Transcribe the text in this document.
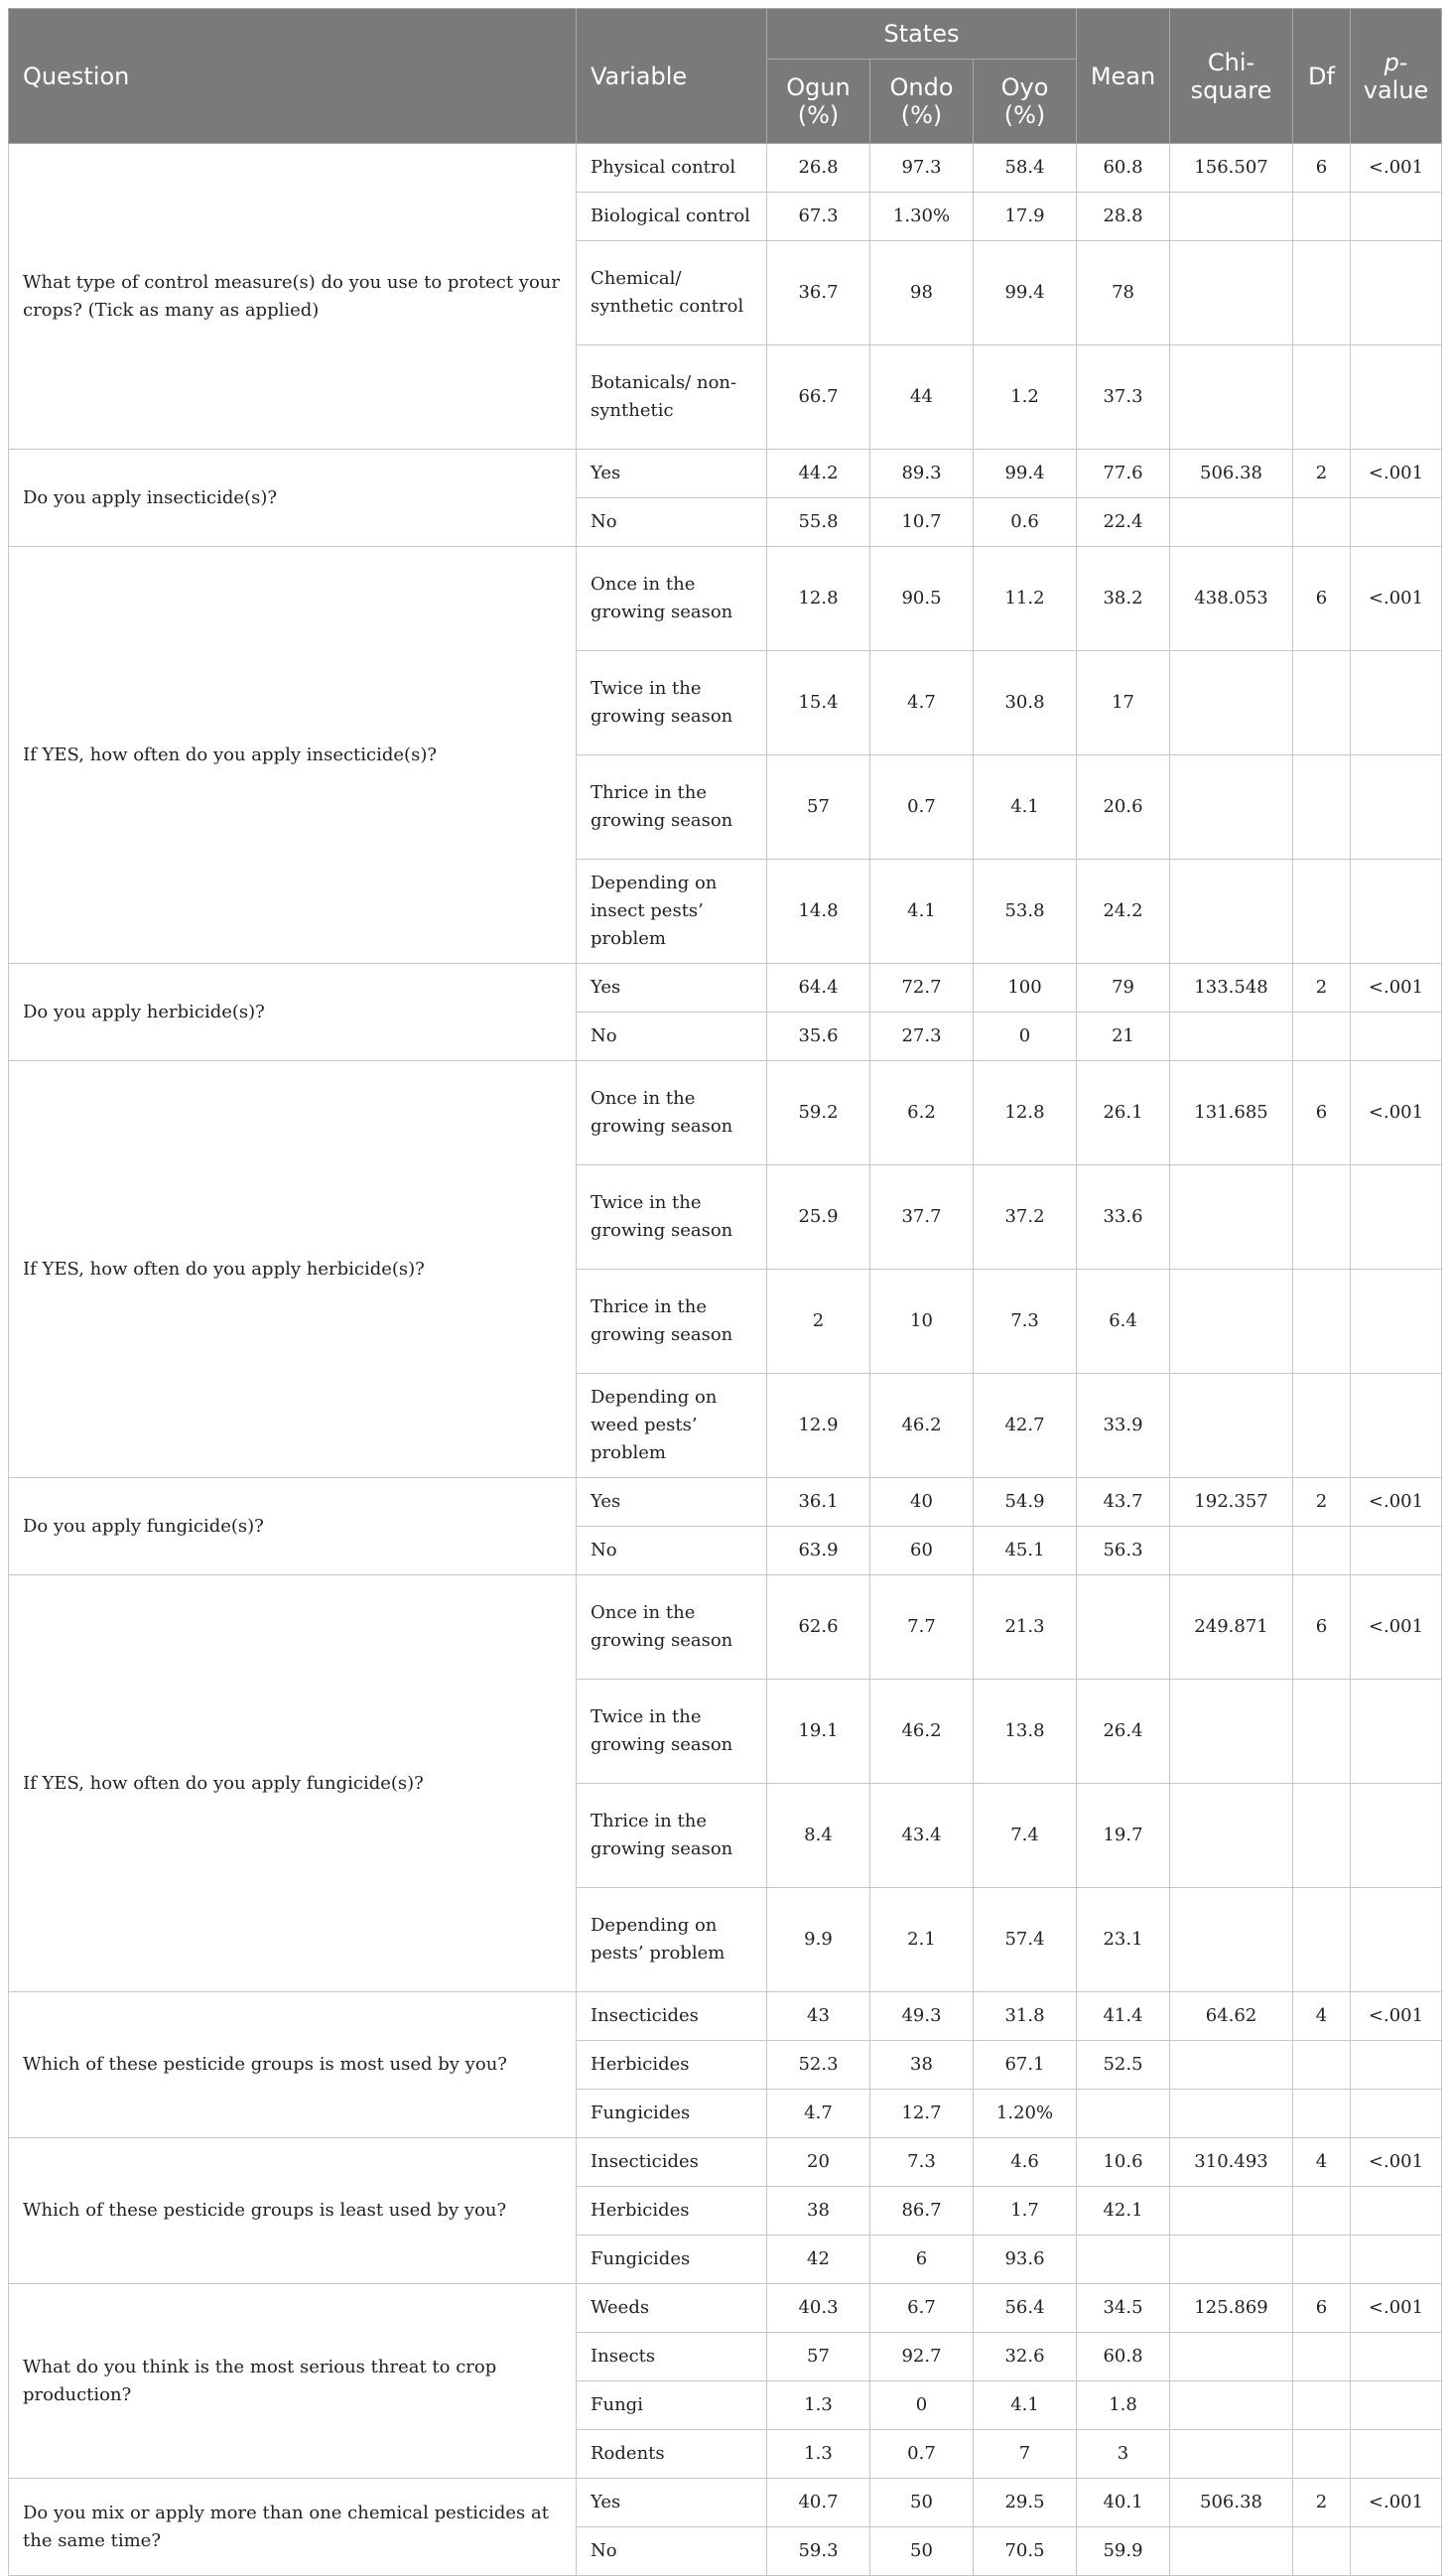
Question	Variable	States			Mean	Chi-square	Df	p-value
		Ogun (%)	Ondo (%)	Oyo (%)				
What type of control measure(s) do you use to protect your crops? (Tick as many as applied)	Physical control	26.8	97.3	58.4	60.8	156.507	6	<.001
	Biological control	67.3	1.30%	17.9	28.8			
	Chemical/ synthetic control	36.7	98	99.4	78			
	Botanicals/ non-synthetic	66.7	44	1.2	37.3			
Do you apply insecticide(s)?	Yes	44.2	89.3	99.4	77.6	506.38	2	<.001
	No	55.8	10.7	0.6	22.4			
If YES, how often do you apply insecticide(s)?	Once in the growing season	12.8	90.5	11.2	38.2	438.053	6	<.001
	Twice in the growing season	15.4	4.7	30.8	17			
	Thrice in the growing season	57	0.7	4.1	20.6			
	Depending on insect pests’ problem	14.8	4.1	53.8	24.2			
Do you apply herbicide(s)?	Yes	64.4	72.7	100	79	133.548	2	<.001
	No	35.6	27.3	0	21			
If YES, how often do you apply herbicide(s)?	Once in the growing season	59.2	6.2	12.8	26.1	131.685	6	<.001
	Twice in the growing season	25.9	37.7	37.2	33.6			
	Thrice in the growing season	2	10	7.3	6.4			
	Depending on weed pests’ problem	12.9	46.2	42.7	33.9			
Do you apply fungicide(s)?	Yes	36.1	40	54.9	43.7	192.357	2	<.001
	No	63.9	60	45.1	56.3			
If YES, how often do you apply fungicide(s)?	Once in the growing season	62.6	7.7	21.3		249.871	6	<.001
	Twice in the growing season	19.1	46.2	13.8	26.4			
	Thrice in the growing season	8.4	43.4	7.4	19.7			
	Depending on pests’ problem	9.9	2.1	57.4	23.1			
Which of these pesticide groups is most used by you?	Insecticides	43	49.3	31.8	41.4	64.62	4	<.001
	Herbicides	52.3	38	67.1	52.5			
	Fungicides	4.7	12.7	1.20%				
Which of these pesticide groups is least used by you?	Insecticides	20	7.3	4.6	10.6	310.493	4	<.001
	Herbicides	38	86.7	1.7	42.1			
	Fungicides	42	6	93.6				
What do you think is the most serious threat to crop production?	Weeds	40.3	6.7	56.4	34.5	125.869	6	<.001
	Insects	57	92.7	32.6	60.8			
	Fungi	1.3	0	4.1	1.8			
	Rodents	1.3	0.7	7	3			
Do you mix or apply more than one chemical pesticides at the same time?	Yes	40.7	50	29.5	40.1	506.38	2	<.001
	No	59.3	50	70.5	59.9			
